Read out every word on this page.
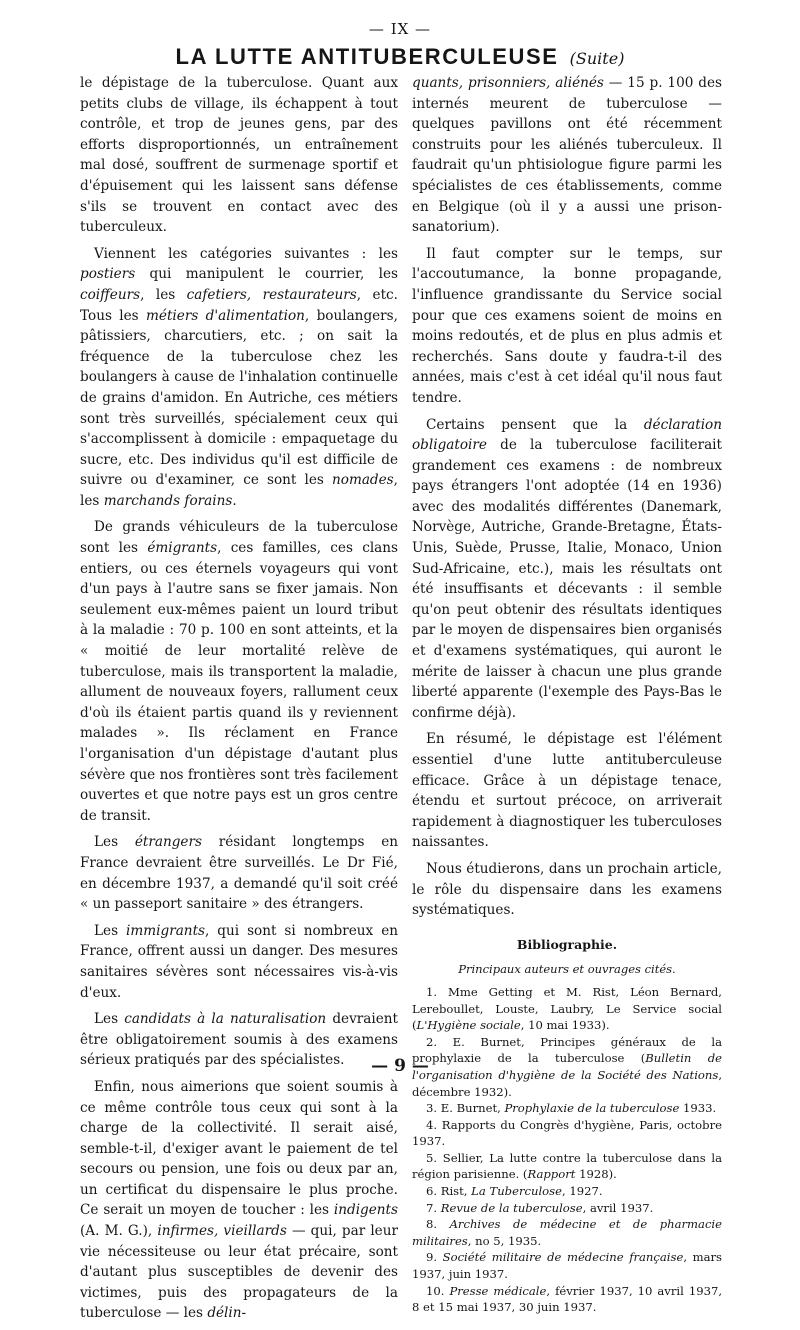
— IX —
LA LUTTE ANTITUBERCULEUSE (Suite)

le dépistage de la tuberculose. Quant aux petits clubs de village, ils échappent à tout contrôle, et trop de jeunes gens, par des efforts disproportionnés, un entraînement mal dosé, souffrent de surmenage sportif et d'épuisement qui les laissent sans défense s'ils se trouvent en contact avec des tuberculeux.

Viennent les catégories suivantes : les postiers qui manipulent le courrier, les coiffeurs, les cafetiers, restaurateurs, etc. Tous les métiers d'alimentation, boulangers, pâtissiers, charcutiers, etc. ; on sait la fréquence de la tuberculose chez les boulangers à cause de l'inhalation continuelle de grains d'amidon. En Autriche, ces métiers sont très surveillés, spécialement ceux qui s'accomplissent à domicile : empaquetage du sucre, etc. Des individus qu'il est difficile de suivre ou d'examiner, ce sont les nomades, les marchands forains.

De grands véhiculeurs de la tuberculose sont les émigrants, ces familles, ces clans entiers, ou ces éternels voyageurs qui vont d'un pays à l'autre sans se fixer jamais. Non seulement eux-mêmes paient un lourd tribut à la maladie : 70 p. 100 en sont atteints, et la « moitié de leur mortalité relève de tuberculose, mais ils transportent la maladie, allument de nouveaux foyers, rallument ceux d'où ils étaient partis quand ils y reviennent malades ». Ils réclament en France l'organisation d'un dépistage d'autant plus sévère que nos frontières sont très facilement ouvertes et que notre pays est un gros centre de transit.

Les étrangers résidant longtemps en France devraient être surveillés. Le Dr Fié, en décembre 1937, a demandé qu'il soit créé « un passeport sanitaire » des étrangers.

Les immigrants, qui sont si nombreux en France, offrent aussi un danger. Des mesures sanitaires sévères sont nécessaires vis-à-vis d'eux.

Les candidats à la naturalisation devraient être obligatoirement soumis à des examens sérieux pratiqués par des spécialistes.

Enfin, nous aimerions que soient soumis à ce même contrôle tous ceux qui sont à la charge de la collectivité. Il serait aisé, semble-t-il, d'exiger avant le paiement de tel secours ou pension, une fois ou deux par an, un certificat du dispensaire le plus proche. Ce serait un moyen de toucher : les indigents (A. M. G.), infirmes, vieillards — qui, par leur vie nécessiteuse ou leur état précaire, sont d'autant plus susceptibles de devenir des victimes, puis des propagateurs de la tuberculose — les délin-

quants, prisonniers, aliénés — 15 p. 100 des internés meurent de tuberculose — quelques pavillons ont été récemment construits pour les aliénés tuberculeux. Il faudrait qu'un phtisiologue figure parmi les spécialistes de ces établissements, comme en Belgique (où il y a aussi une prison-sanatorium).

Il faut compter sur le temps, sur l'accoutumance, la bonne propagande, l'influence grandissante du Service social pour que ces examens soient de moins en moins redoutés, et de plus en plus admis et recherchés. Sans doute y faudra-t-il des années, mais c'est à cet idéal qu'il nous faut tendre.

Certains pensent que la déclaration obligatoire de la tuberculose faciliterait grandement ces examens : de nombreux pays étrangers l'ont adoptée (14 en 1936) avec des modalités différentes (Danemark, Norvège, Autriche, Grande-Bretagne, États-Unis, Suède, Prusse, Italie, Monaco, Union Sud-Africaine, etc.), mais les résultats ont été insuffisants et décevants : il semble qu'on peut obtenir des résultats identiques par le moyen de dispensaires bien organisés et d'examens systématiques, qui auront le mérite de laisser à chacun une plus grande liberté apparente (l'exemple des Pays-Bas le confirme déjà).

En résumé, le dépistage est l'élément essentiel d'une lutte antituberculeuse efficace. Grâce à un dépistage tenace, étendu et surtout précoce, on arriverait rapidement à diagnostiquer les tuberculoses naissantes.

Nous étudierons, dans un prochain article, le rôle du dispensaire dans les examens systématiques.

Bibliographie.
Principaux auteurs et ouvrages cités.
1. Mme Getting et M. Rist, Léon Bernard, Lereboullet, Louste, Laubry, Le Service social (L'Hygiène sociale, 10 mai 1933).
2. E. Burnet, Principes généraux de la prophylaxie de la tuberculose (Bulletin de l'organisation d'hygiène de la Société des Nations, décembre 1932).
3. E. Burnet, Prophylaxie de la tuberculose 1933.
4. Rapports du Congrès d'hygiène, Paris, octobre 1937.
5. Sellier, La lutte contre la tuberculose dans la région parisienne. (Rapport 1928).
6. Rist, La Tuberculose, 1927.
7. Revue de la tuberculose, avril 1937.
8. Archives de médecine et de pharmacie militaires, no 5, 1935.
9. Société militaire de médecine française, mars 1937, juin 1937.
10. Presse médicale, février 1937, 10 avril 1937, 8 et 15 mai 1937, 30 juin 1937.
— 9 —
